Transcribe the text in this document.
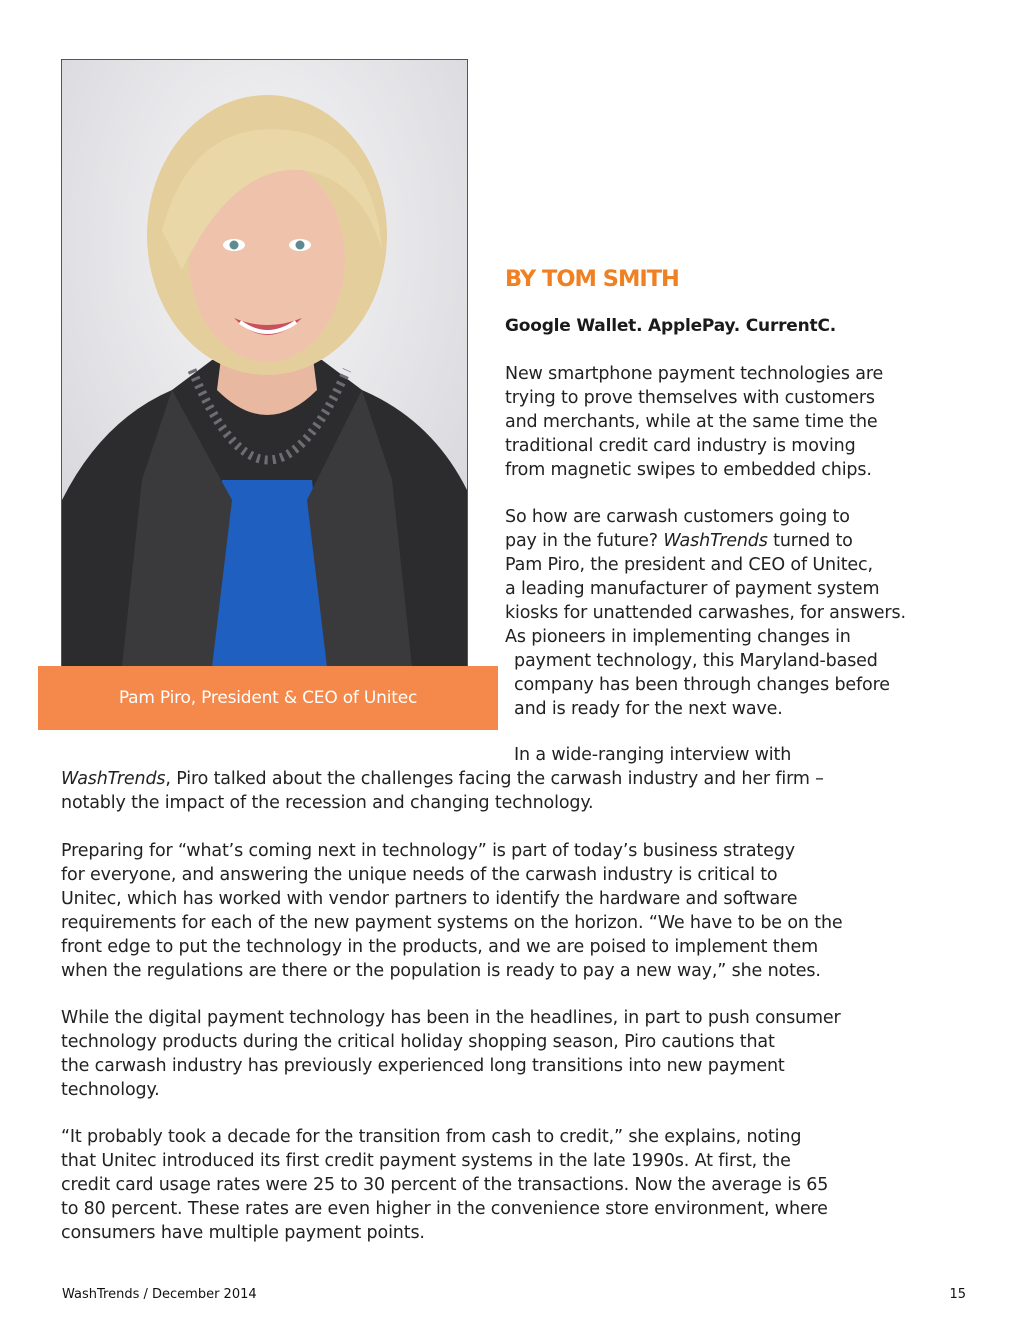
Pam Piro, President & CEO of Unitec
BY TOM SMITH
Google Wallet. ApplePay. CurrentC.
New smartphone payment technologies are
trying to prove themselves with customers
and merchants, while at the same time the
traditional credit card industry is moving
from magnetic swipes to embedded chips.
So how are carwash customers going to
pay in the future? WashTrends turned to
Pam Piro, the president and CEO of Unitec,
a leading manufacturer of payment system
kiosks for unattended carwashes, for answers.
As pioneers in implementing changes in
payment technology, this Maryland-based
company has been through changes before
and is ready for the next wave.
In a wide-ranging interview with
WashTrends, Piro talked about the challenges facing the carwash industry and her firm –
notably the impact of the recession and changing technology.
Preparing for “what’s coming next in technology” is part of today’s business strategy
for everyone, and answering the unique needs of the carwash industry is critical to
Unitec, which has worked with vendor partners to identify the hardware and software
requirements for each of the new payment systems on the horizon. “We have to be on the
front edge to put the technology in the products, and we are poised to implement them
when the regulations are there or the population is ready to pay a new way,” she notes.
While the digital payment technology has been in the headlines, in part to push consumer
technology products during the critical holiday shopping season, Piro cautions that
the carwash industry has previously experienced long transitions into new payment
technology.
“It probably took a decade for the transition from cash to credit,” she explains, noting
that Unitec introduced its first credit payment systems in the late 1990s. At first, the
credit card usage rates were 25 to 30 percent of the transactions. Now the average is 65
to 80 percent. These rates are even higher in the convenience store environment, where
consumers have multiple payment points.
WashTrends / December 2014	15
